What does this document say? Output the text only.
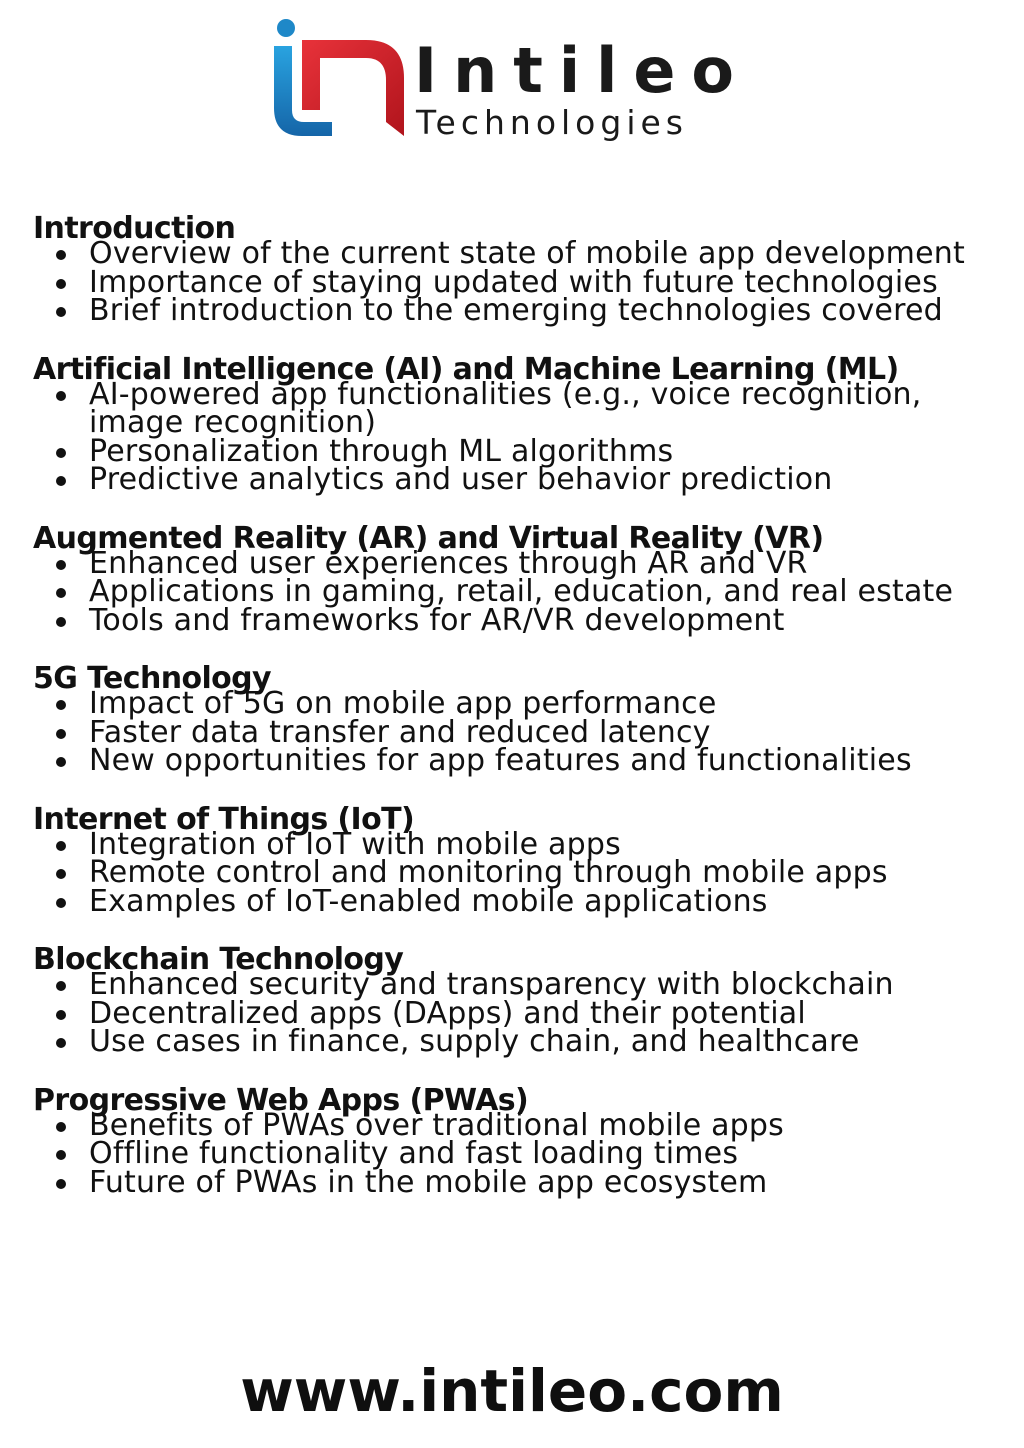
Intileo
Technologies
Introduction
Overview of the current state of mobile app development
Importance of staying updated with future technologies
Brief introduction to the emerging technologies covered
Artificial Intelligence (AI) and Machine Learning (ML)
AI-powered app functionalities (e.g., voice recognition, image recognition)
Personalization through ML algorithms
Predictive analytics and user behavior prediction
Augmented Reality (AR) and Virtual Reality (VR)
Enhanced user experiences through AR and VR
Applications in gaming, retail, education, and real estate
Tools and frameworks for AR/VR development
5G Technology
Impact of 5G on mobile app performance
Faster data transfer and reduced latency
New opportunities for app features and functionalities
Internet of Things (IoT)
Integration of IoT with mobile apps
Remote control and monitoring through mobile apps
Examples of IoT-enabled mobile applications
Blockchain Technology
Enhanced security and transparency with blockchain
Decentralized apps (DApps) and their potential
Use cases in finance, supply chain, and healthcare
Progressive Web Apps (PWAs)
Benefits of PWAs over traditional mobile apps
Offline functionality and fast loading times
Future of PWAs in the mobile app ecosystem
www.intileo.com
